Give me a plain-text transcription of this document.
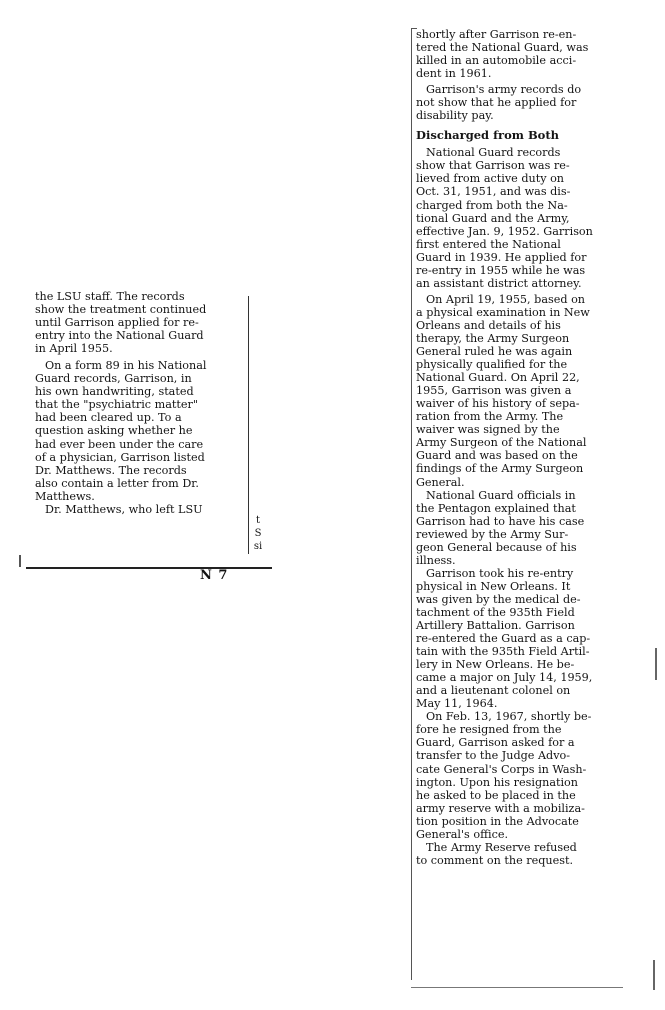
the LSU staff. The records
show the treatment continued
until Garrison applied for re-
entry into the National Guard
in April 1955.

On a form 89 in his National
Guard records, Garrison, in
his own handwriting, stated
that the "psychiatric matter"
had been cleared up. To a
question asking whether he
had ever been under the care
of a physician, Garrison listed
Dr. Matthews. The records
also contain a letter from Dr.
Matthews.

Dr. Matthews, who left LSU

t
S
si
N 7

shortly after Garrison re-en-
tered the National Guard, was
killed in an automobile acci-
dent in 1961.

Garrison's army records do
not show that he applied for
disability pay.

Discharged from Both

National Guard records
show that Garrison was re-
lieved from active duty on
Oct. 31, 1951, and was dis-
charged from both the Na-
tional Guard and the Army,
effective Jan. 9, 1952. Garrison
first entered the National
Guard in 1939. He applied for
re-entry in 1955 while he was
an assistant district attorney.

On April 19, 1955, based on
a physical examination in New
Orleans and details of his
therapy, the Army Surgeon
General ruled he was again
physically qualified for the
National Guard. On April 22,
1955, Garrison was given a
waiver of his history of sepa-
ration from the Army. The
waiver was signed by the
Army Surgeon of the National
Guard and was based on the
findings of the Army Surgeon
General.

National Guard officials in
the Pentagon explained that
Garrison had to have his case
reviewed by the Army Sur-
geon General because of his
illness.

Garrison took his re-entry
physical in New Orleans. It
was given by the medical de-
tachment of the 935th Field
Artillery Battalion. Garrison
re-entered the Guard as a cap-
tain with the 935th Field Artil-
lery in New Orleans. He be-
came a major on July 14, 1959,
and a lieutenant colonel on
May 11, 1964.

On Feb. 13, 1967, shortly be-
fore he resigned from the
Guard, Garrison asked for a
transfer to the Judge Advo-
cate General's Corps in Wash-
ington. Upon his resignation
he asked to be placed in the
army reserve with a mobiliza-
tion position in the Advocate
General's office.

The Army Reserve refused
to comment on the request.
